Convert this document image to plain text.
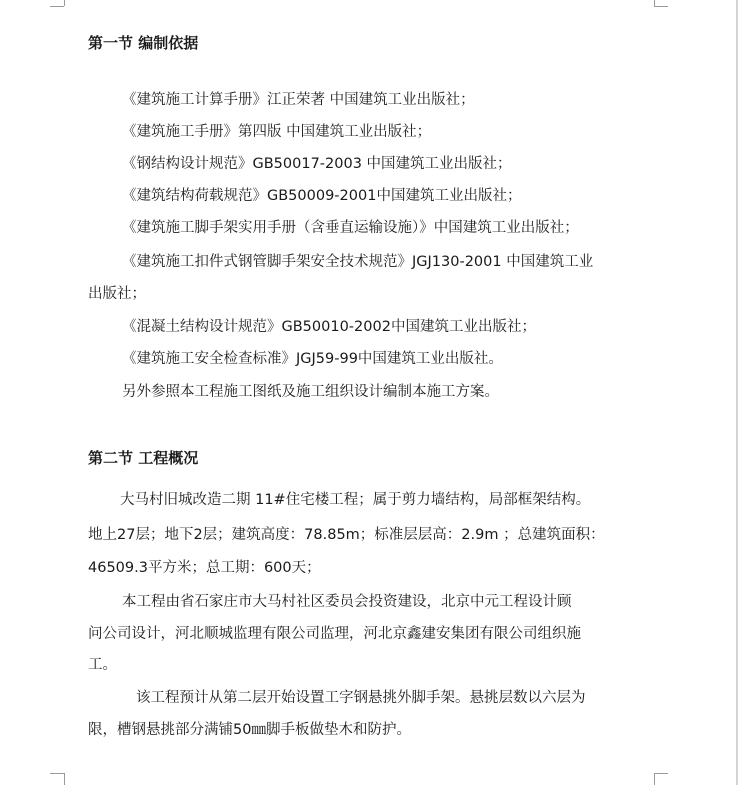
第一节 编制依据
《建筑施工计算手册》江正荣著 中国建筑工业出版社；
《建筑施工手册》第四版 中国建筑工业出版社；
《钢结构设计规范》GB50017-2003 中国建筑工业出版社；
《建筑结构荷载规范》GB50009-2001中国建筑工业出版社；
《建筑施工脚手架实用手册（含垂直运输设施）》中国建筑工业出版社；
《建筑施工扣件式钢管脚手架安全技术规范》JGJ130-2001 中国建筑工业
出版社；
《混凝土结构设计规范》GB50010-2002中国建筑工业出版社；
《建筑施工安全检查标准》JGJ59-99中国建筑工业出版社。
另外参照本工程施工图纸及施工组织设计编制本施工方案。
第二节 工程概况
大马村旧城改造二期 11#住宅楼工程；属于剪力墙结构，局部框架结构。
地上27层；地下2层；建筑高度：78.85m；标准层层高：2.9m ；总建筑面积：
46509.3平方米；总工期：600天；
本工程由省石家庄市大马村社区委员会投资建设，北京中元工程设计顾
问公司设计，河北顺城监理有限公司监理，河北京鑫建安集团有限公司组织施
工。
该工程预计从第二层开始设置工字钢悬挑外脚手架。悬挑层数以六层为
限，槽钢悬挑部分满铺50㎜脚手板做垫木和防护。
